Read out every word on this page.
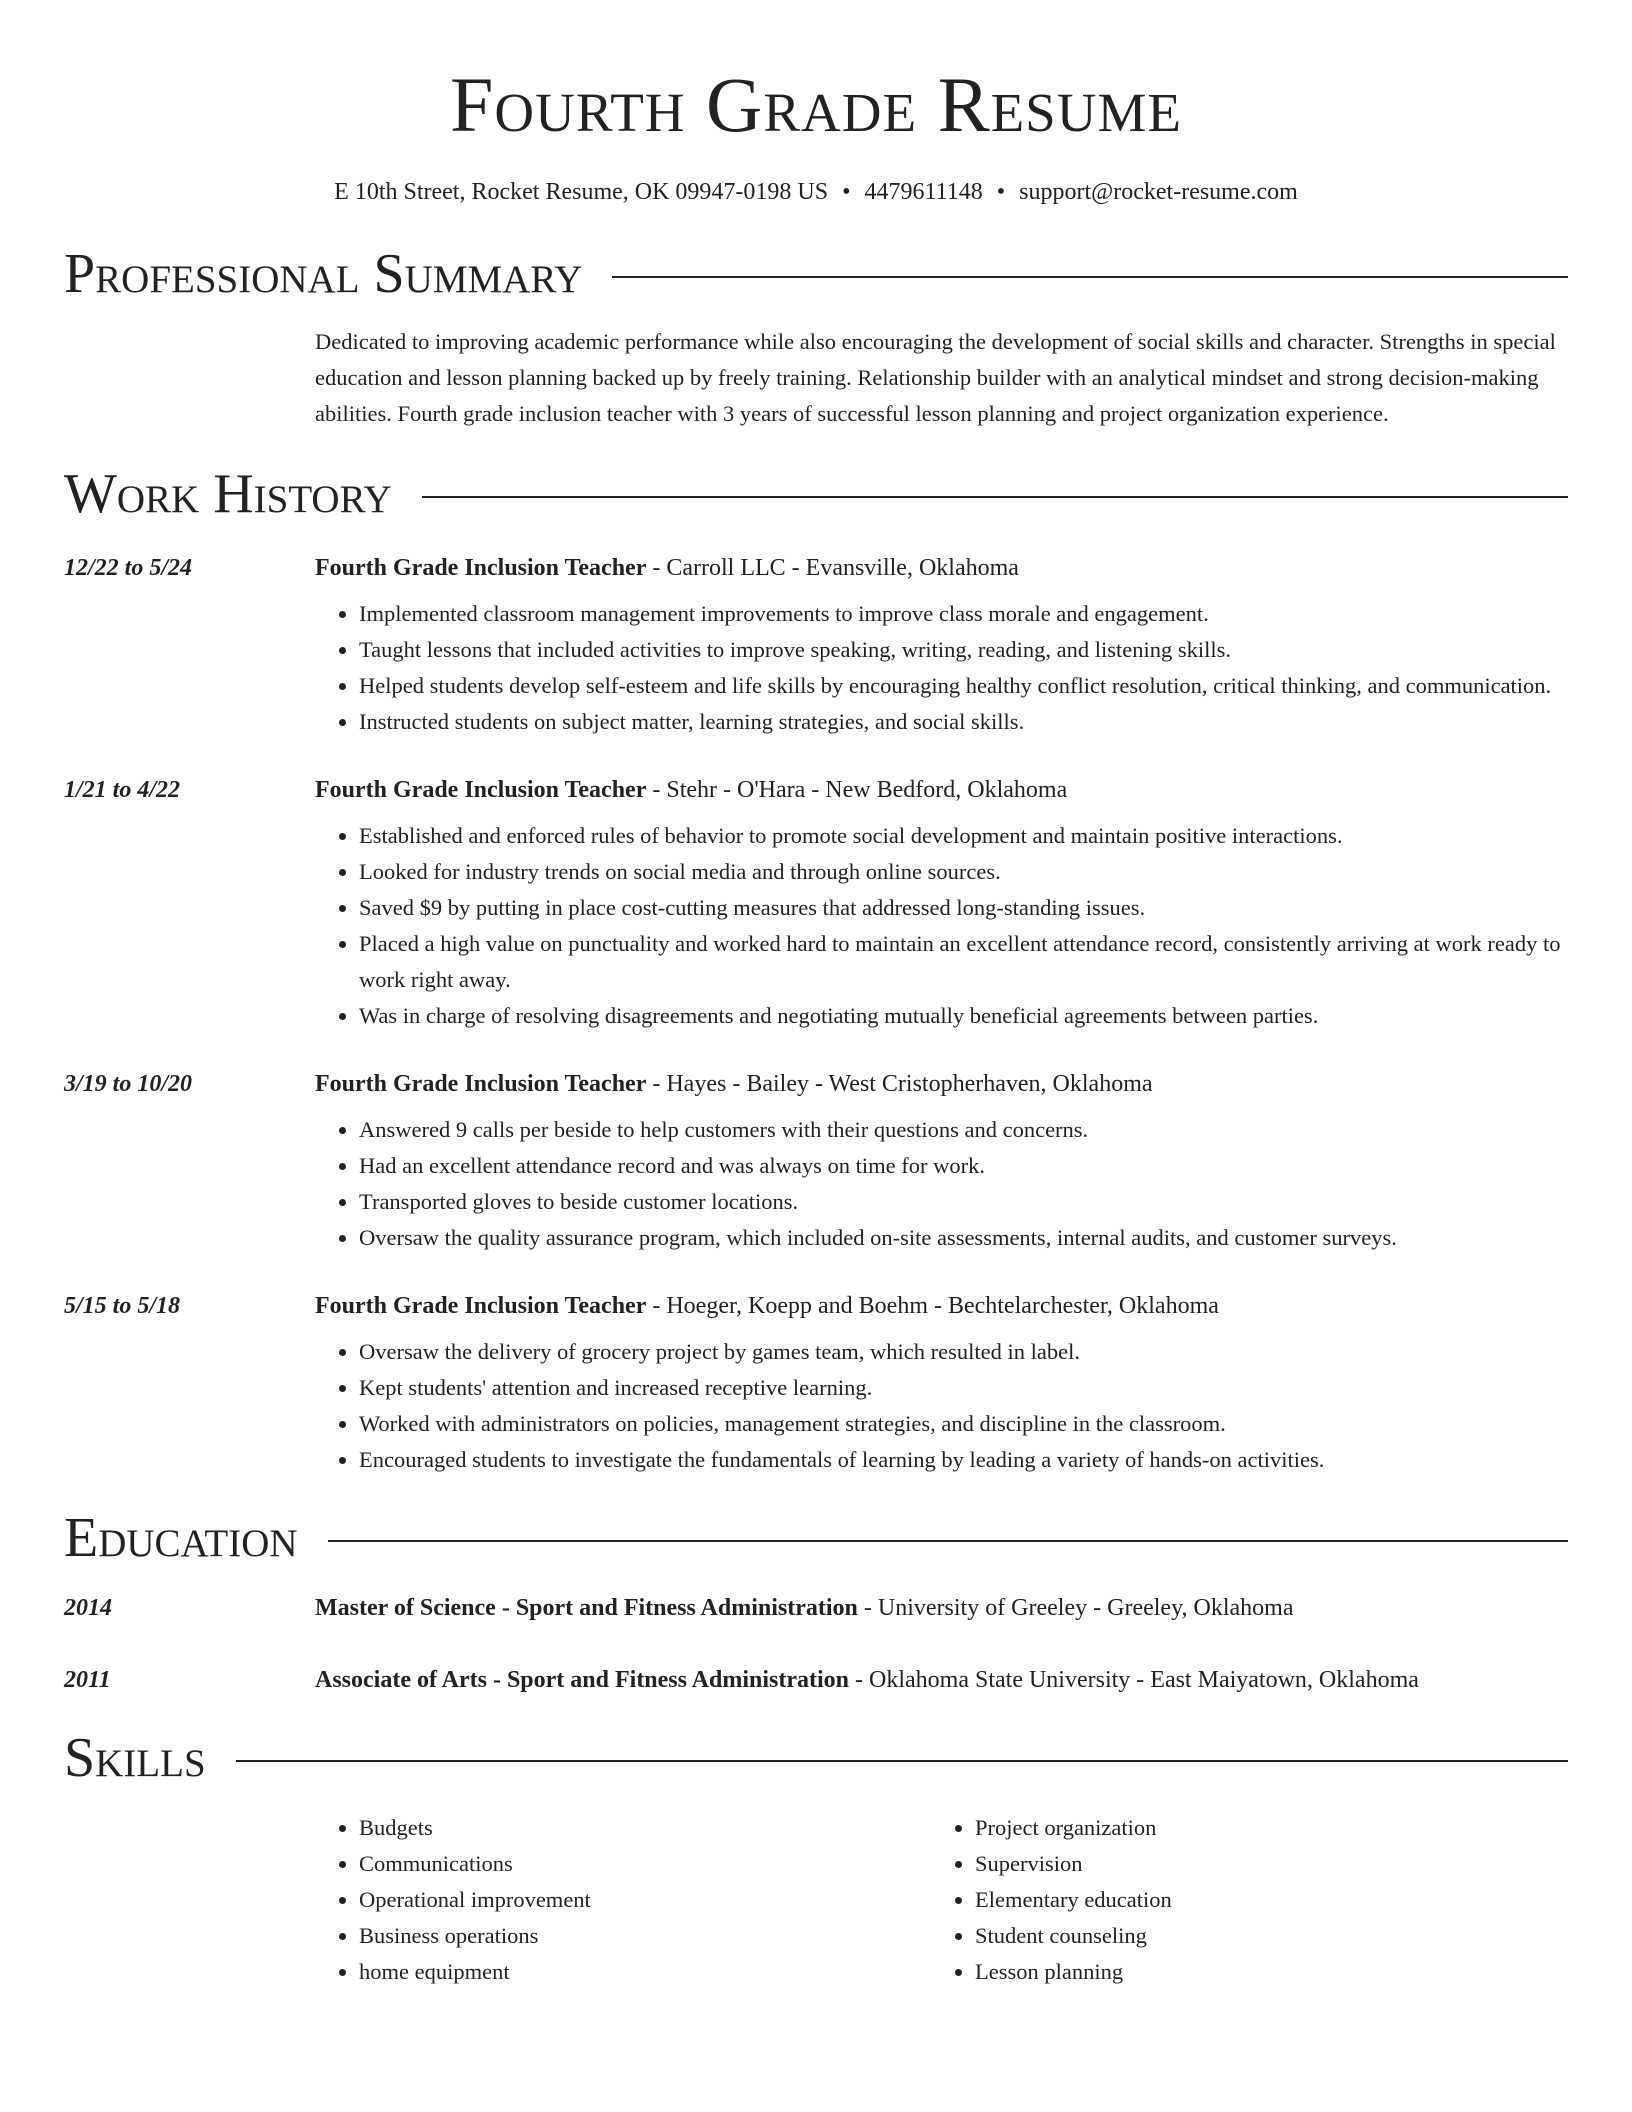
Fourth Grade Resume
E 10th Street, Rocket Resume, OK 09947-0198 US • 4479611148 • support@rocket-resume.com
Professional Summary
Dedicated to improving academic performance while also encouraging the development of social skills and character. Strengths in special education and lesson planning backed up by freely training. Relationship builder with an analytical mindset and strong decision-making abilities. Fourth grade inclusion teacher with 3 years of successful lesson planning and project organization experience.
Work History
12/22 to 5/24	Fourth Grade Inclusion Teacher - Carroll LLC - Evansville, Oklahoma
• Implemented classroom management improvements to improve class morale and engagement.
• Taught lessons that included activities to improve speaking, writing, reading, and listening skills.
• Helped students develop self-esteem and life skills by encouraging healthy conflict resolution, critical thinking, and communication.
• Instructed students on subject matter, learning strategies, and social skills.
1/21 to 4/22	Fourth Grade Inclusion Teacher - Stehr - O'Hara - New Bedford, Oklahoma
• Established and enforced rules of behavior to promote social development and maintain positive interactions.
• Looked for industry trends on social media and through online sources.
• Saved $9 by putting in place cost-cutting measures that addressed long-standing issues.
• Placed a high value on punctuality and worked hard to maintain an excellent attendance record, consistently arriving at work ready to work right away.
• Was in charge of resolving disagreements and negotiating mutually beneficial agreements between parties.
3/19 to 10/20	Fourth Grade Inclusion Teacher - Hayes - Bailey - West Cristopherhaven, Oklahoma
• Answered 9 calls per beside to help customers with their questions and concerns.
• Had an excellent attendance record and was always on time for work.
• Transported gloves to beside customer locations.
• Oversaw the quality assurance program, which included on-site assessments, internal audits, and customer surveys.
5/15 to 5/18	Fourth Grade Inclusion Teacher - Hoeger, Koepp and Boehm - Bechtelarchester, Oklahoma
• Oversaw the delivery of grocery project by games team, which resulted in label.
• Kept students' attention and increased receptive learning.
• Worked with administrators on policies, management strategies, and discipline in the classroom.
• Encouraged students to investigate the fundamentals of learning by leading a variety of hands-on activities.
Education
2014	Master of Science - Sport and Fitness Administration - University of Greeley - Greeley, Oklahoma
2011	Associate of Arts - Sport and Fitness Administration - Oklahoma State University - East Maiyatown, Oklahoma
Skills
• Budgets
• Communications
• Operational improvement
• Business operations
• home equipment
• Project organization
• Supervision
• Elementary education
• Student counseling
• Lesson planning
